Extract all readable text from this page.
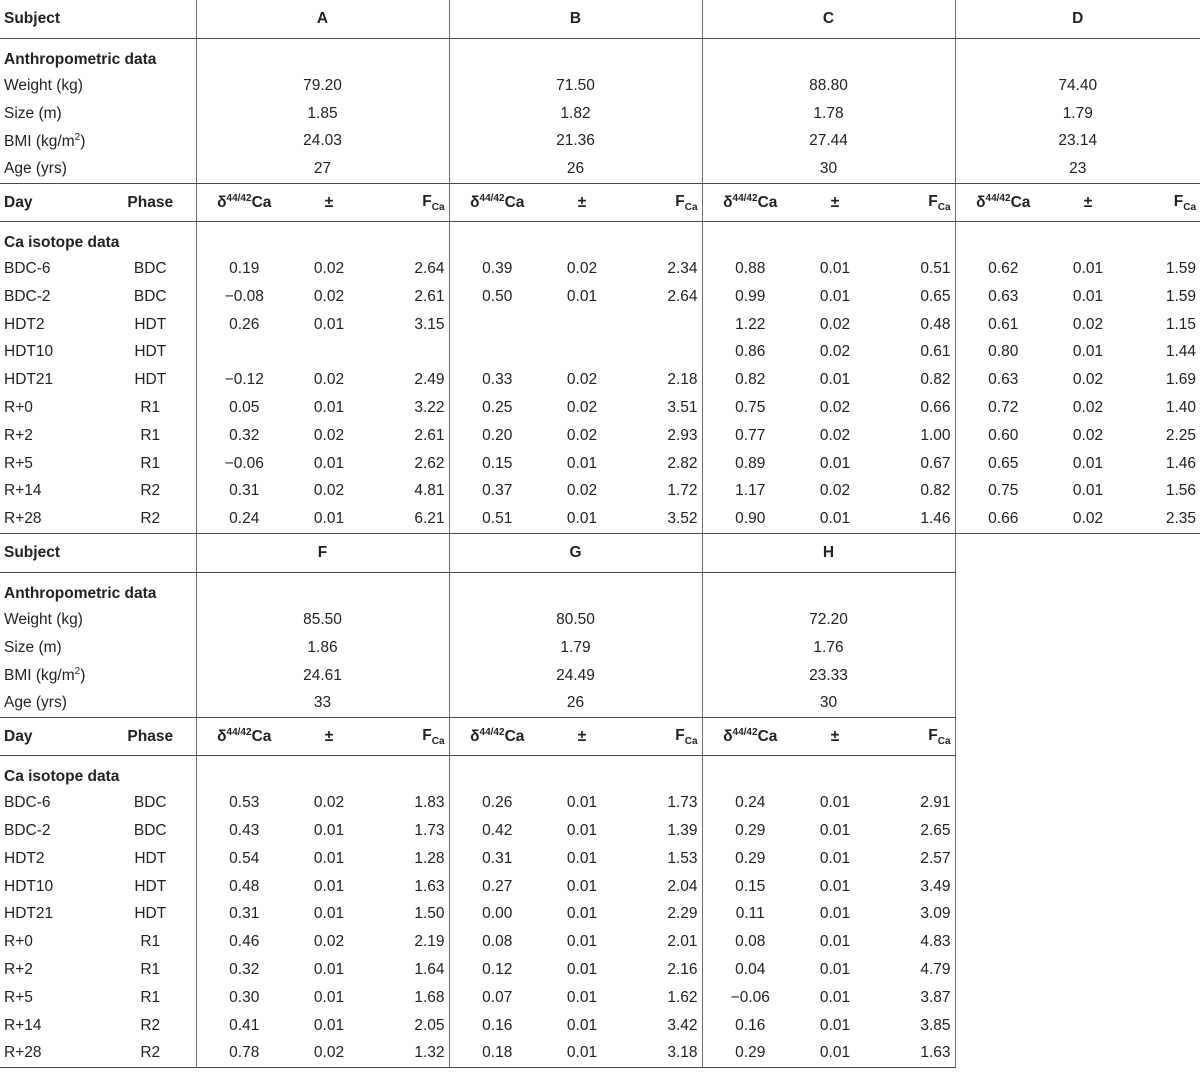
Subject		A			B			C			D		
Anthropometric data													
Weight (kg)		79.20			71.50			88.80			74.40		
Size (m)		1.85			1.82			1.78			1.79		
BMI $(kg/m^2)$		24.03			21.36			27.44			23.14		
Age (yrs)		27			26			30			23		
Day	Phase	$\delta^{44/42}Ca$	±	$F_{Ca}$	$\delta^{44/42}Ca$	±	$F_{Ca}$	$\delta^{44/42}Ca$	±	$F_{Ca}$	$\delta^{44/42}Ca$	±	$F_{Ca}$
Ca isotope data													
BDC-6	BDC	0.19	0.02	2.64	0.39	0.02	2.34	0.88	0.01	0.51	0.62	0.01	1.59
BDC-2	BDC	−0.08	0.02	2.61	0.50	0.01	2.64	0.99	0.01	0.65	0.63	0.01	1.59
HDT2	HDT	0.26	0.01	3.15				1.22	0.02	0.48	0.61	0.02	1.15
HDT10	HDT							0.86	0.02	0.61	0.80	0.01	1.44
HDT21	HDT	−0.12	0.02	2.49	0.33	0.02	2.18	0.82	0.01	0.82	0.63	0.02	1.69
R+0	R1	0.05	0.01	3.22	0.25	0.02	3.51	0.75	0.02	0.66	0.72	0.02	1.40
R+2	R1	0.32	0.02	2.61	0.20	0.02	2.93	0.77	0.02	1.00	0.60	0.02	2.25
R+5	R1	−0.06	0.01	2.62	0.15	0.01	2.82	0.89	0.01	0.67	0.65	0.01	1.46
R+14	R2	0.31	0.02	4.81	0.37	0.02	1.72	1.17	0.02	0.82	0.75	0.01	1.56
R+28	R2	0.24	0.01	6.21	0.51	0.01	3.52	0.90	0.01	1.46	0.66	0.02	2.35
Subject		F			G			H					
Anthropometric data													
Weight (kg)		85.50			80.50			72.20					
Size (m)		1.86			1.79			1.76					
BMI $(kg/m^2)$		24.61			24.49			23.33					
Age (yrs)		33			26			30					
Day	Phase	$\delta^{44/42}Ca$	±	$F_{Ca}$	$\delta^{44/42}Ca$	±	$F_{Ca}$	$\delta^{44/42}Ca$	±	$F_{Ca}$	
Ca isotope data													
BDC-6	BDC	0.53	0.02	1.83	0.26	0.01	1.73	0.24	0.01	2.91			
BDC-2	BDC	0.43	0.01	1.73	0.42	0.01	1.39	0.29	0.01	2.65			
HDT2	HDT	0.54	0.01	1.28	0.31	0.01	1.53	0.29	0.01	2.57			
HDT10	HDT	0.48	0.01	1.63	0.27	0.01	2.04	0.15	0.01	3.49			
HDT21	HDT	0.31	0.01	1.50	0.00	0.01	2.29	0.11	0.01	3.09			
R+0	R1	0.46	0.02	2.19	0.08	0.01	2.01	0.08	0.01	4.83			
R+2	R1	0.32	0.01	1.64	0.12	0.01	2.16	0.04	0.01	4.79			
R+5	R1	0.30	0.01	1.68	0.07	0.01	1.62	−0.06	0.01	3.87			
R+14	R2	0.41	0.01	2.05	0.16	0.01	3.42	0.16	0.01	3.85			
R+28	R2	0.78	0.02	1.32	0.18	0.01	3.18	0.29	0.01	1.63			
